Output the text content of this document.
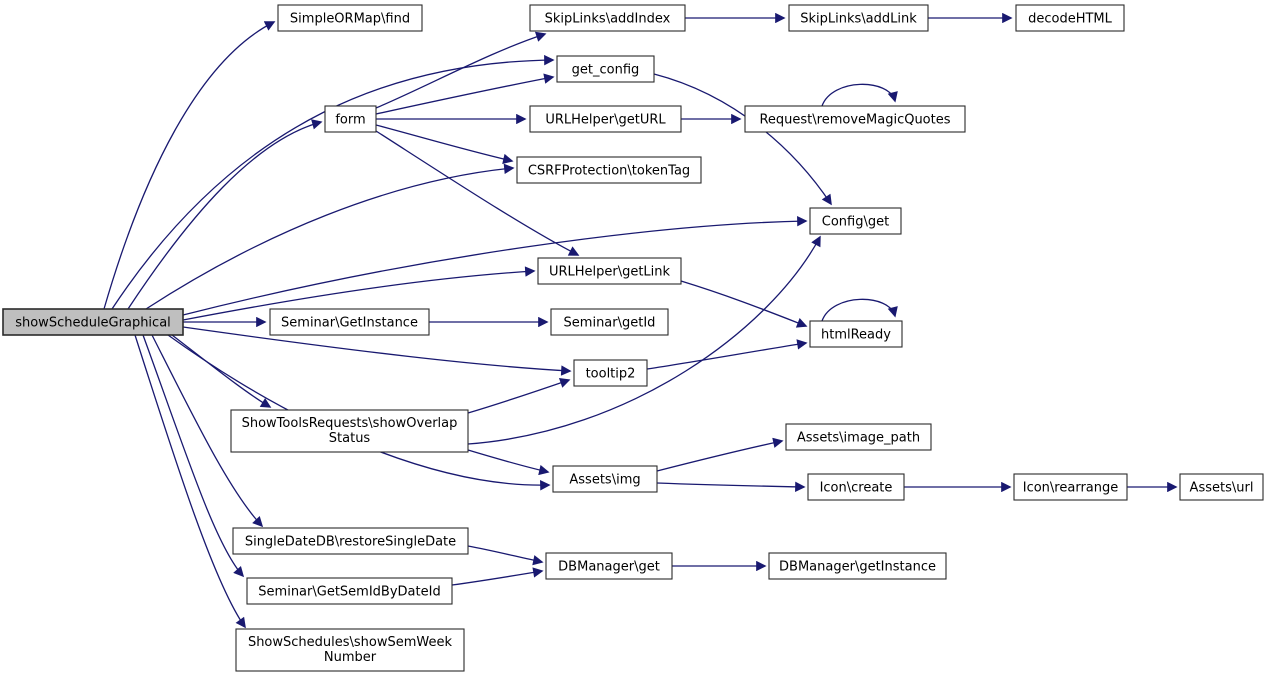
showScheduleGraphical
SimpleORMap\find	SkipLinks\addIndex	SkipLinks\addLink	decodeHTML
get_config
form	URLHelper\getURL	Request\removeMagicQuotes
CSRFProtection\tokenTag
Config\get
URLHelper\getLink
Seminar\GetInstance	Seminar\getId
htmlReady
tooltip2
ShowToolsRequests\showOverlap Status	Assets\image_path
Assets\img
Icon\create	Icon\rearrange	Assets\url
SingleDateDB\restoreSingleDate
DBManager\get	DBManager\getInstance
Seminar\GetSemIdByDateId
ShowSchedules\showSemWeek Number
